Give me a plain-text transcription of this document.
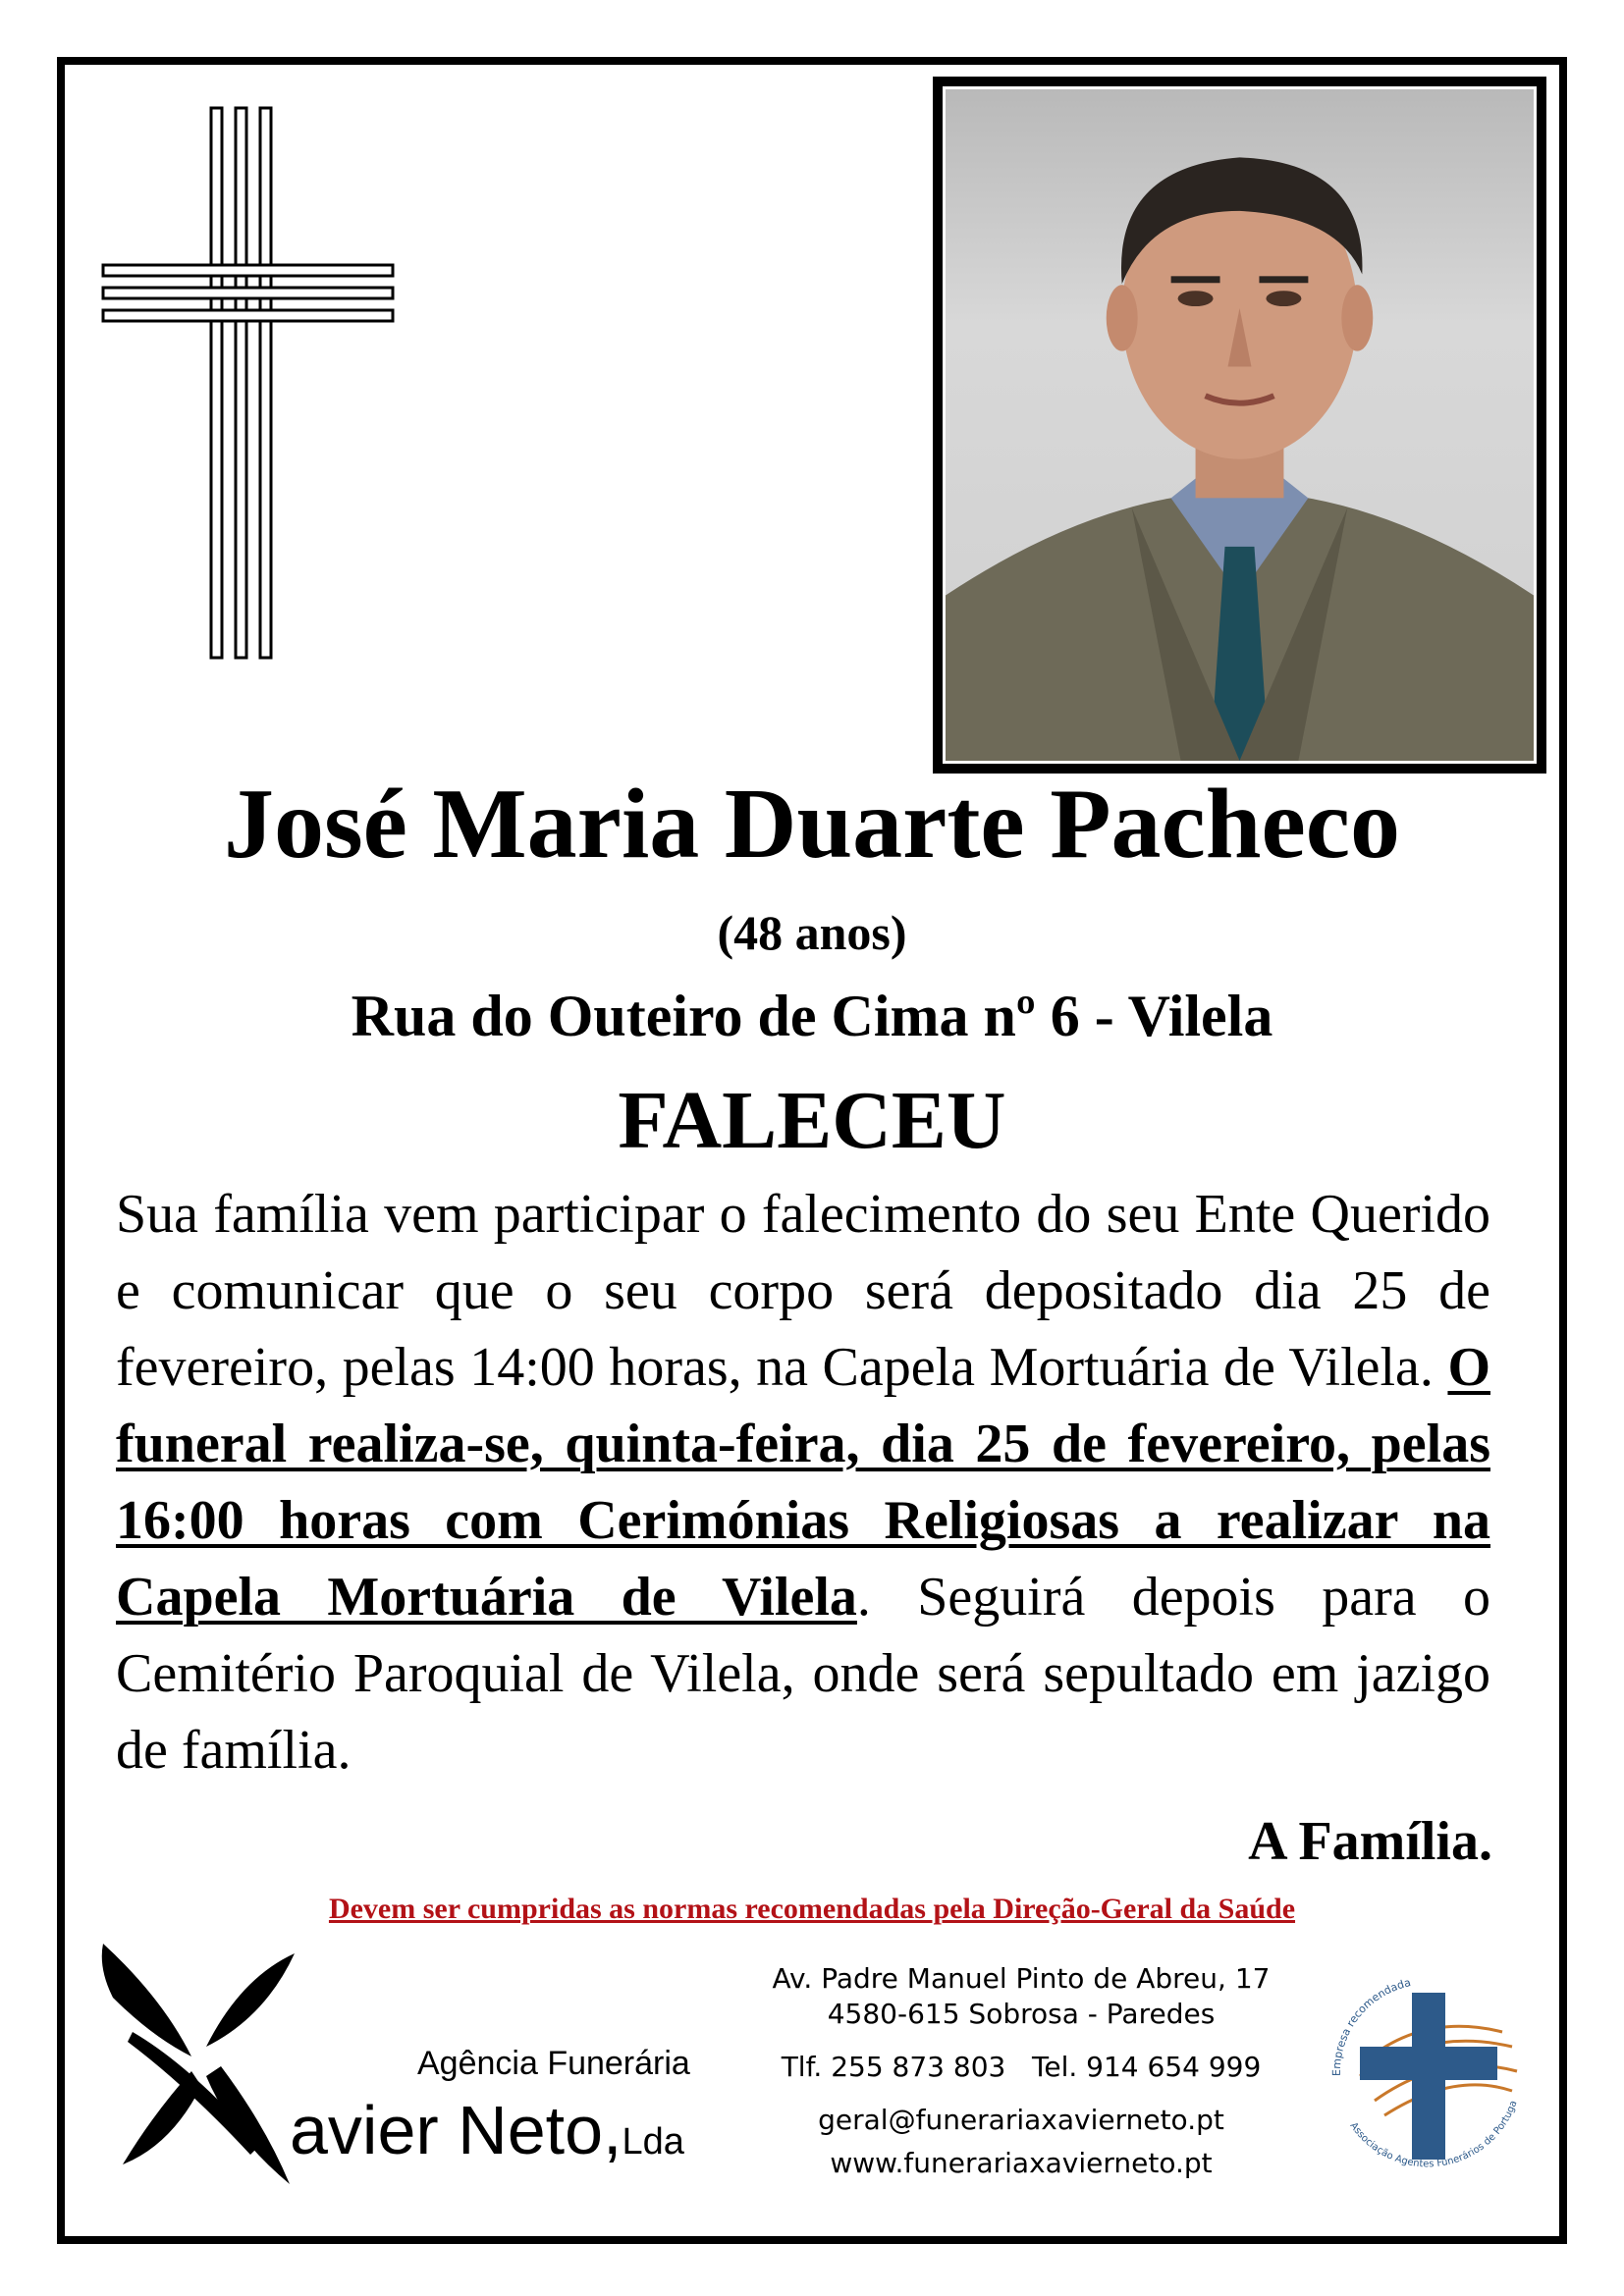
José Maria Duarte Pacheco
(48 anos)
Rua do Outeiro de Cima nº 6 - Vilela
FALECEU
Sua família vem participar o falecimento do seu Ente Querido e comunicar que o seu corpo será depositado dia 25 de fevereiro, pelas 14:00 horas, na Capela Mortuária de Vilela. O funeral realiza-se, quinta-feira, dia 25 de fevereiro, pelas 16:00 horas com Cerimónias Religiosas a realizar na Capela Mortuária de Vilela. Seguirá depois para o Cemitério Paroquial de Vilela, onde será sepultado em jazigo de família.
A Família.
Devem ser cumpridas as normas recomendadas pela Direção-Geral da Saúde
Agência Funerária
avier Neto,Lda
Av. Padre Manuel Pinto de Abreu, 17
4580-615 Sobrosa - Paredes
Tlf. 255 873 803   Tel. 914 654 999
geral@funerariaxavierneto.pt
www.funerariaxavierneto.pt
Empresa recomendada
Associação Agentes Funerários de Portuga
